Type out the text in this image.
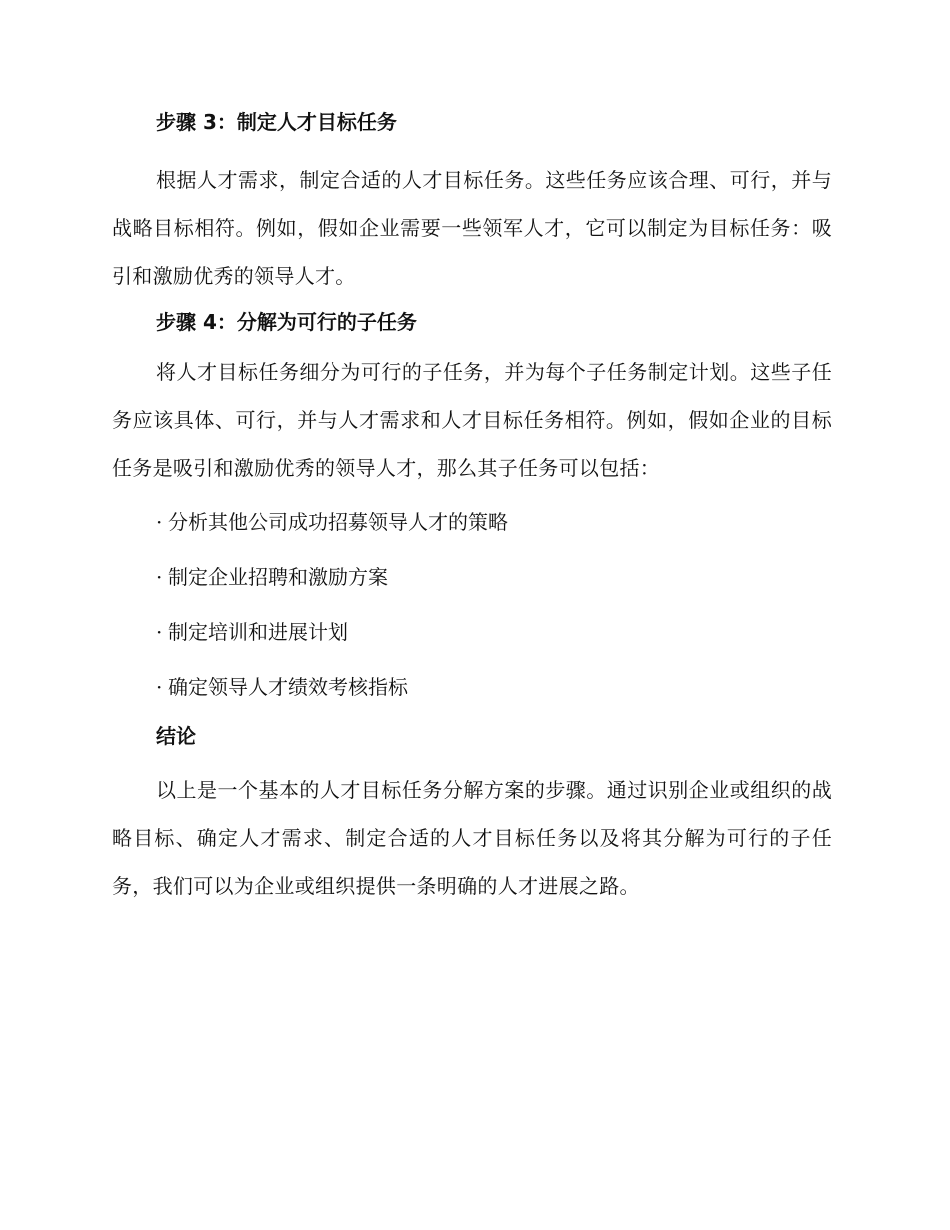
步骤 3：制定人才目标任务

根据人才需求，制定合适的人才目标任务。这些任务应该合理、可行，并与战略目标相符。例如，假如企业需要一些领军人才，它可以制定为目标任务：吸引和激励优秀的领导人才。

步骤 4：分解为可行的子任务

将人才目标任务细分为可行的子任务，并为每个子任务制定计划。这些子任务应该具体、可行，并与人才需求和人才目标任务相符。例如，假如企业的目标任务是吸引和激励优秀的领导人才，那么其子任务可以包括：

· 分析其他公司成功招募领导人才的策略
· 制定企业招聘和激励方案
· 制定培训和进展计划
· 确定领导人才绩效考核指标
结论

以上是一个基本的人才目标任务分解方案的步骤。通过识别企业或组织的战略目标、确定人才需求、制定合适的人才目标任务以及将其分解为可行的子任务，我们可以为企业或组织提供一条明确的人才进展之路。
